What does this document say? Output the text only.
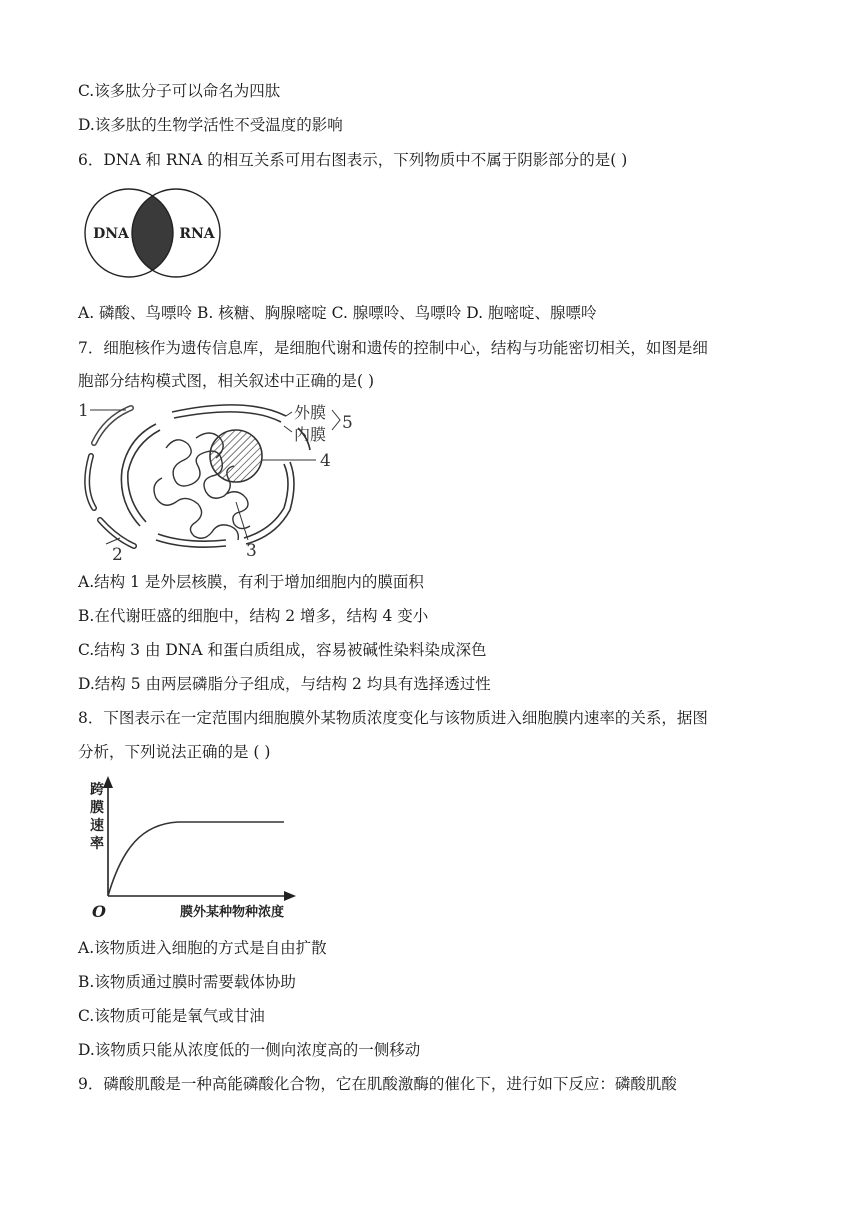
C.该多肽分子可以命名为四肽
D.该多肽的生物学活性不受温度的影响
6．DNA 和 RNA 的相互关系可用右图表示，下列物质中不属于阴影部分的是( )
DNA	RNA
A. 磷酸、鸟嘌呤 B. 核糖、胸腺嘧啶 C. 腺嘌呤、鸟嘌呤 D. 胞嘧啶、腺嘌呤
7．细胞核作为遗传信息库，是细胞代谢和遗传的控制中心，结构与功能密切相关，如图是细
胞部分结构模式图，相关叙述中正确的是( )
1
2	3
4
外膜
内膜
5
A.结构 1 是外层核膜，有利于增加细胞内的膜面积
B.在代谢旺盛的细胞中，结构 2 增多，结构 4 变小
C.结构 3 由 DNA 和蛋白质组成，容易被碱性染料染成深色
D.结构 5 由两层磷脂分子组成，与结构 2 均具有选择透过性
8．下图表示在一定范围内细胞膜外某物质浓度变化与该物质进入细胞膜内速率的关系，据图
分析，下列说法正确的是 ( )
跨
膜
速
率
O	膜外某种物种浓度
A.该物质进入细胞的方式是自由扩散
B.该物质通过膜时需要载体协助
C.该物质可能是氧气或甘油
D.该物质只能从浓度低的一侧向浓度高的一侧移动
9．磷酸肌酸是一种高能磷酸化合物，它在肌酸激酶的催化下，进行如下反应：磷酸肌酸
